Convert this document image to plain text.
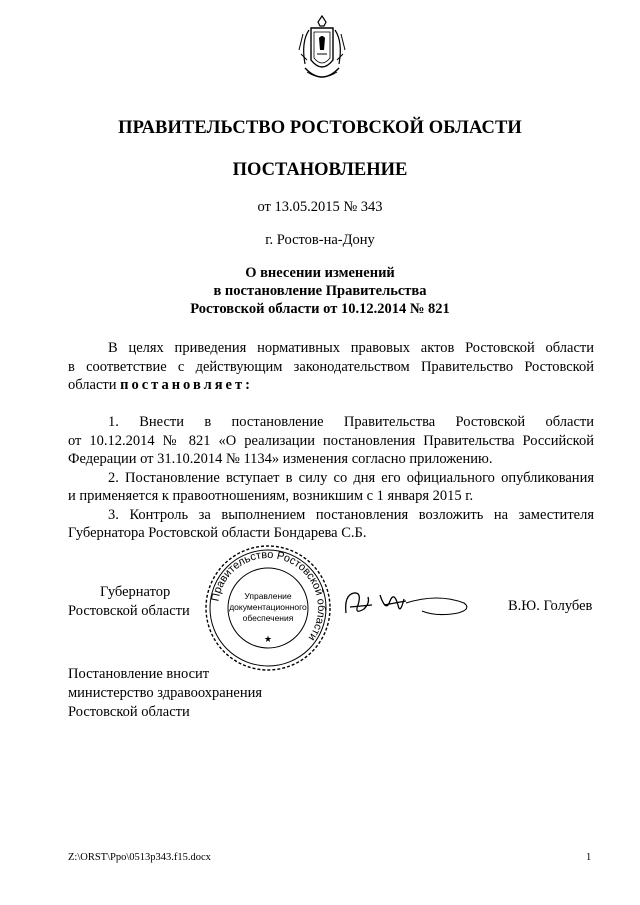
ПРАВИТЕЛЬСТВО РОСТОВСКОЙ ОБЛАСТИ
ПОСТАНОВЛЕНИЕ
от 13.05.2015 № 343
г. Ростов-на-Дону
О внесении изменений
в постановление Правительства
Ростовской области от 10.12.2014 № 821
В целях приведения нормативных правовых актов Ростовской области
в соответствие с действующим законодательством Правительство Ростовской
области постановляет:
1. Внести в постановление Правительства Ростовской области
от 10.12.2014 № 821 «О реализации постановления Правительства Российской
Федерации от 31.10.2014 № 1134» изменения согласно приложению.
2. Постановление вступает в силу со дня его официального опубликования
и применяется к правоотношениям, возникшим с 1 января 2015 г.
3. Контроль за выполнением постановления возложить на заместителя
Губернатора Ростовской области Бондарева С.Б.
Губернатор
Ростовской области
Правительство Ростовской области
Управление
документационного
обеспечения
★
В.Ю. Голубев
Постановление вносит
министерство здравоохранения
Ростовской области
Z:\ORST\Ppo\0513p343.f15.docx	1
